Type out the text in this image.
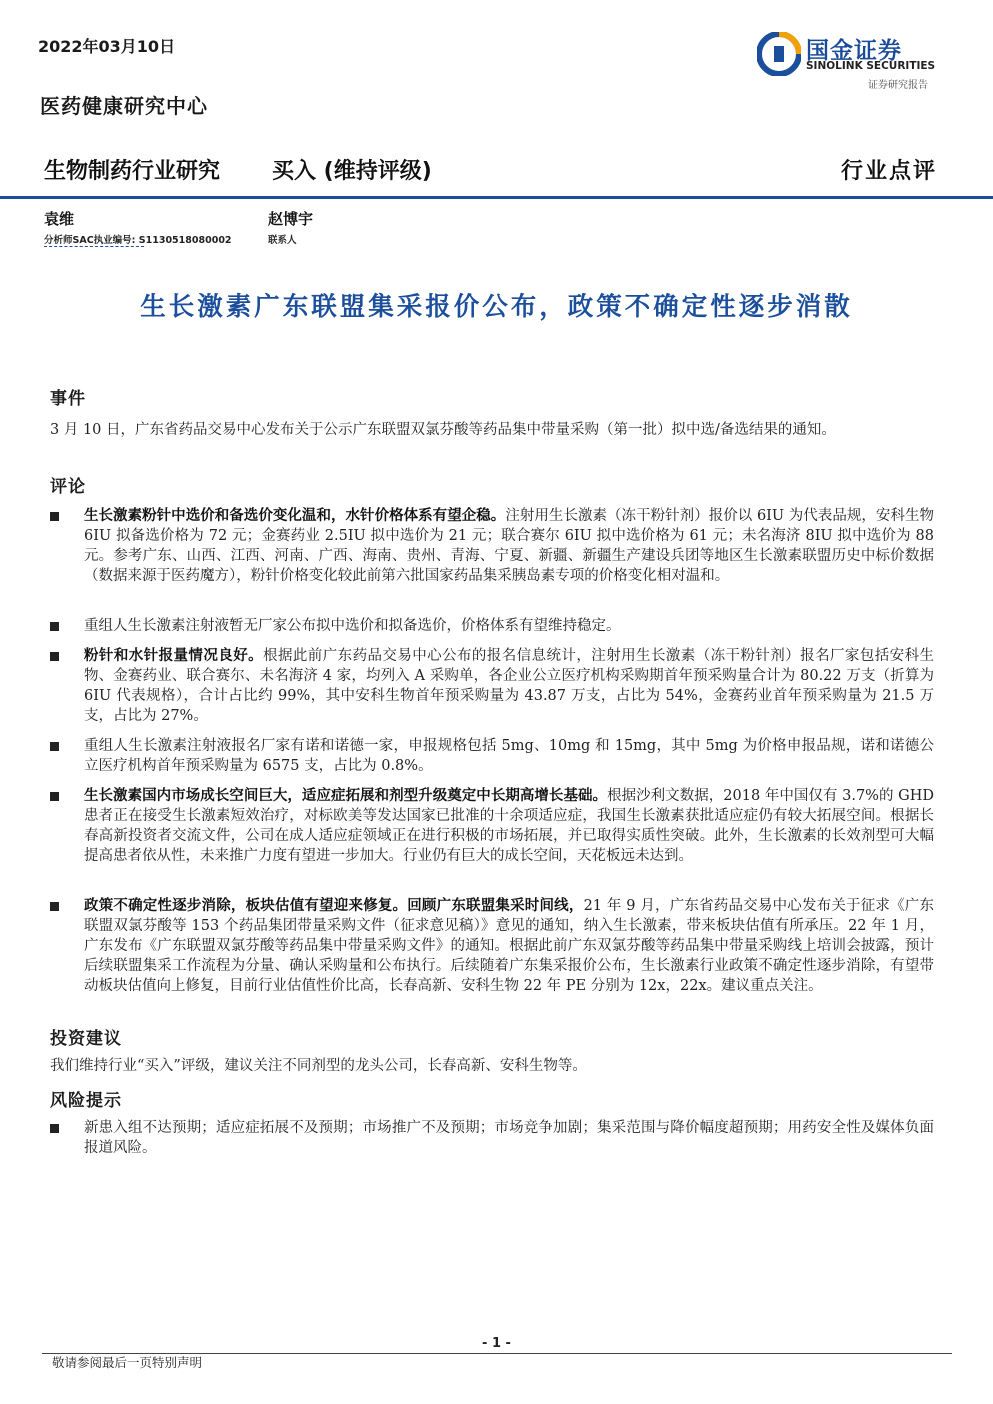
2022年03月10日	国金证券
SINOLINK SECURITIES
证券研究报告
医药健康研究中心
生物制药行业研究 买入 (维持评级)	行业点评
袁维
分析师SAC执业编号: S1130518080002
赵博宇
联系人
生长激素广东联盟集采报价公布，政策不确定性逐步消散
事件
3 月 10 日，广东省药品交易中心发布关于公示广东联盟双氯芬酸等药品集中带量采购（第一批）拟中选/备选结果的通知。
评论
生长激素粉针中选价和备选价变化温和，水针价格体系有望企稳。注射用生长激素（冻干粉针剂）报价以 6IU 为代表品规，安科生物 6IU 拟备选价格为 72 元；金赛药业 2.5IU 拟中选价为 21 元；联合赛尔 6IU 拟中选价格为 61 元；未名海济 8IU 拟中选价为 88 元。参考广东、山西、江西、河南、广西、海南、贵州、青海、宁夏、新疆、新疆生产建设兵团等地区生长激素联盟历史中标价数据（数据来源于医药魔方），粉针价格变化较此前第六批国家药品集采胰岛素专项的价格变化相对温和。
重组人生长激素注射液暂无厂家公布拟中选价和拟备选价，价格体系有望维持稳定。
粉针和水针报量情况良好。根据此前广东药品交易中心公布的报名信息统计，注射用生长激素（冻干粉针剂）报名厂家包括安科生物、金赛药业、联合赛尔、未名海济 4 家，均列入 A 采购单，各企业公立医疗机构采购期首年预采购量合计为 80.22 万支（折算为 6IU 代表规格），合计占比约 99%，其中安科生物首年预采购量为 43.87 万支，占比为 54%，金赛药业首年预采购量为 21.5 万支，占比为 27%。
重组人生长激素注射液报名厂家有诺和诺德一家，申报规格包括 5mg、10mg 和 15mg，其中 5mg 为价格申报品规，诺和诺德公立医疗机构首年预采购量为 6575 支，占比为 0.8%。
生长激素国内市场成长空间巨大，适应症拓展和剂型升级奠定中长期高增长基础。根据沙利文数据，2018 年中国仅有 3.7%的 GHD 患者正在接受生长激素短效治疗，对标欧美等发达国家已批准的十余项适应症，我国生长激素获批适应症仍有较大拓展空间。根据长春高新投资者交流文件，公司在成人适应症领域正在进行积极的市场拓展，并已取得实质性突破。此外，生长激素的长效剂型可大幅提高患者依从性，未来推广力度有望进一步加大。行业仍有巨大的成长空间，天花板远未达到。
政策不确定性逐步消除，板块估值有望迎来修复。回顾广东联盟集采时间线，21 年 9 月，广东省药品交易中心发布关于征求《广东联盟双氯芬酸等 153 个药品集团带量采购文件（征求意见稿）》意见的通知，纳入生长激素，带来板块估值有所承压。22 年 1 月，广东发布《广东联盟双氯芬酸等药品集中带量采购文件》的通知。根据此前广东双氯芬酸等药品集中带量采购线上培训会披露，预计后续联盟集采工作流程为分量、确认采购量和公布执行。后续随着广东集采报价公布，生长激素行业政策不确定性逐步消除，有望带动板块估值向上修复，目前行业估值性价比高，长春高新、安科生物 22 年 PE 分别为 12x，22x。建议重点关注。
投资建议
我们维持行业“买入”评级，建议关注不同剂型的龙头公司，长春高新、安科生物等。
风险提示
新患入组不达预期；适应症拓展不及预期；市场推广不及预期；市场竞争加剧；集采范围与降价幅度超预期；用药安全性及媒体负面报道风险。
- 1 -
敬请参阅最后一页特别声明
